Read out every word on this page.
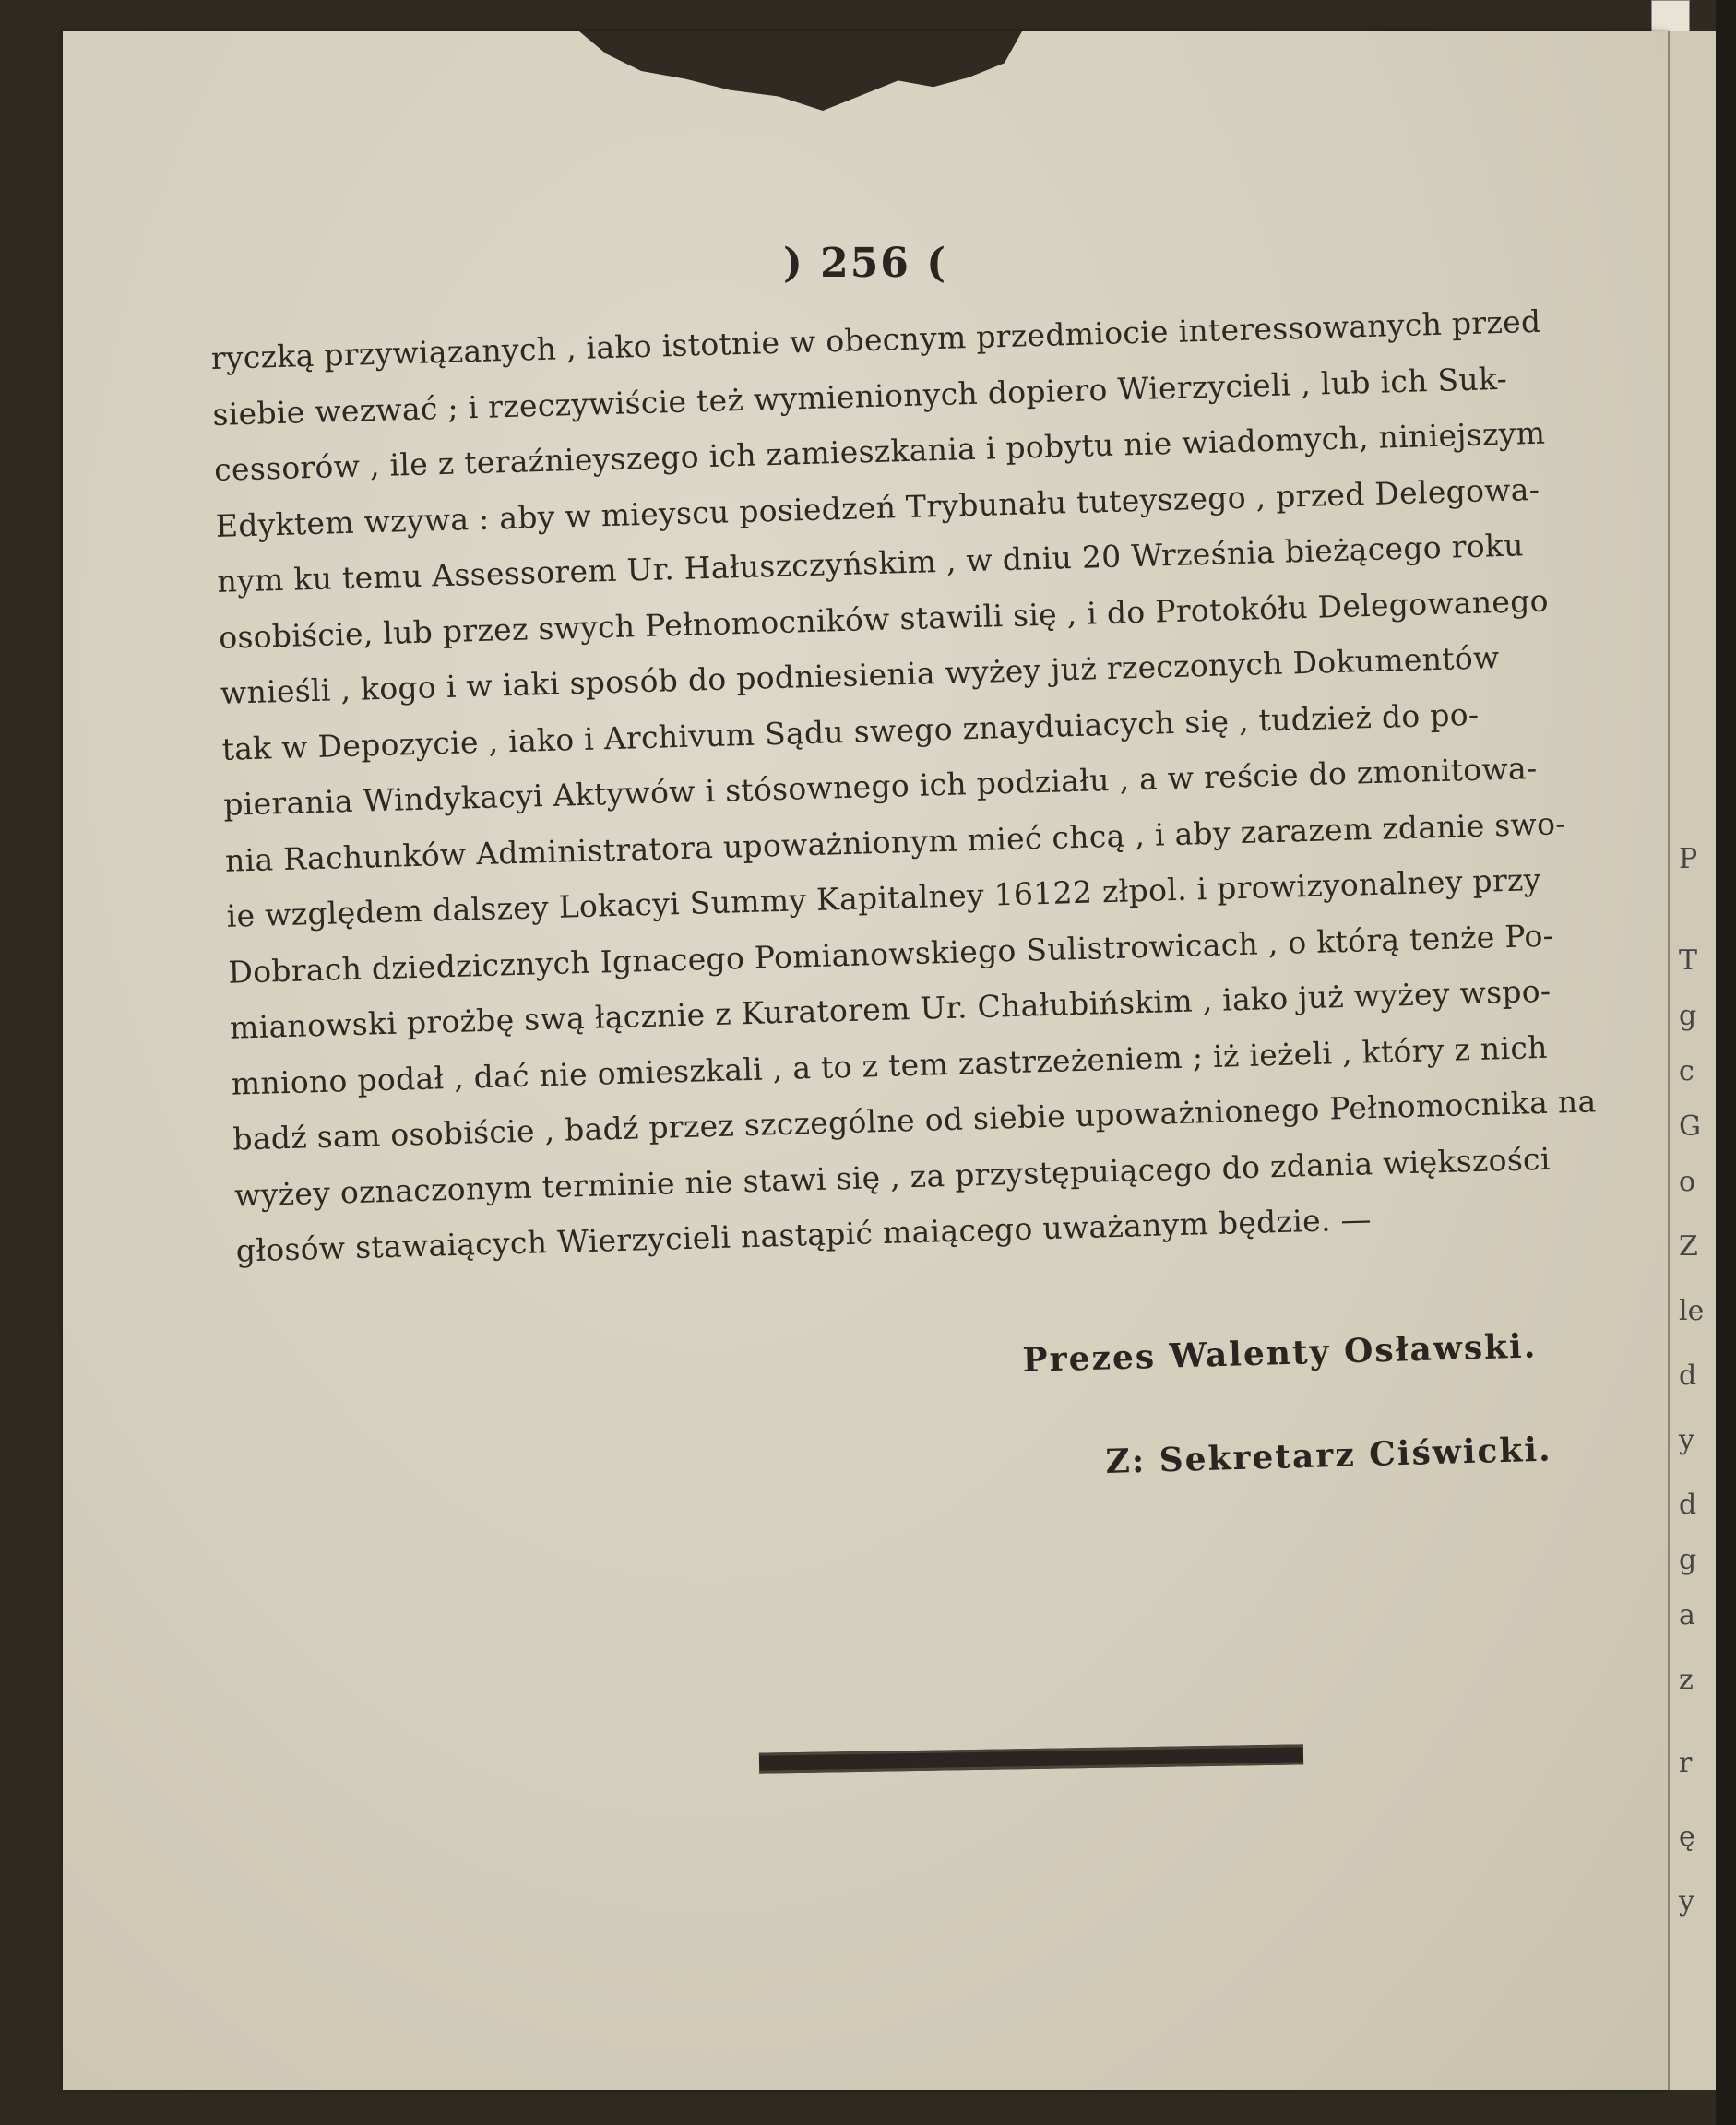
) 256 (
ryczką przywiązanych , iako istotnie w obecnym przedmiocie interessowanych przed
siebie wezwać ; i rzeczywiście też wymienionych dopiero Wierzycieli , lub ich Suk-
cessorów , ile z teraźnieyszego ich zamieszkania i pobytu nie wiadomych, niniejszym
Edyktem wzywa : aby w mieyscu posiedzeń Trybunału tuteyszego , przed Delegowa-
nym ku temu Assessorem Ur. Hałuszczyńskim , w dniu 20 Września bieżącego roku
osobiście, lub przez swych Pełnomocników stawili się , i do Protokółu Delegowanego
wnieśli , kogo i w iaki sposób do podniesienia wyżey już rzeczonych Dokumentów
tak w Depozycie , iako i Archivum Sądu swego znayduiacych się , tudzież do po-
pierania Windykacyi Aktywów i stósownego ich podziału , a w reście do zmonitowa-
nia Rachunków Administratora upoważnionym mieć chcą , i aby zarazem zdanie swo-
ie względem dalszey Lokacyi Summy Kapitalney 16122 złpol. i prowizyonalney przy
Dobrach dziedzicznych Ignacego Pomianowskiego Sulistrowicach , o którą tenże Po-
mianowski prożbę swą łącznie z Kuratorem Ur. Chałubińskim , iako już wyżey wspo-
mniono podał , dać nie omieszkali , a to z tem zastrzeżeniem ; iż ieżeli , który z nich
badź sam osobiście , badź przez szczególne od siebie upoważnionego Pełnomocnika na
wyżey oznaczonym terminie nie stawi się , za przystępuiącego do zdania większości
głosów stawaiących Wierzycieli nastąpić maiącego uważanym będzie. —
Prezes Walenty Osławski.
Z: Sekretarz Ciświcki.
P
T
g
c
G
o
Z
le
d
y
d
g
a
z
r
ę
y
